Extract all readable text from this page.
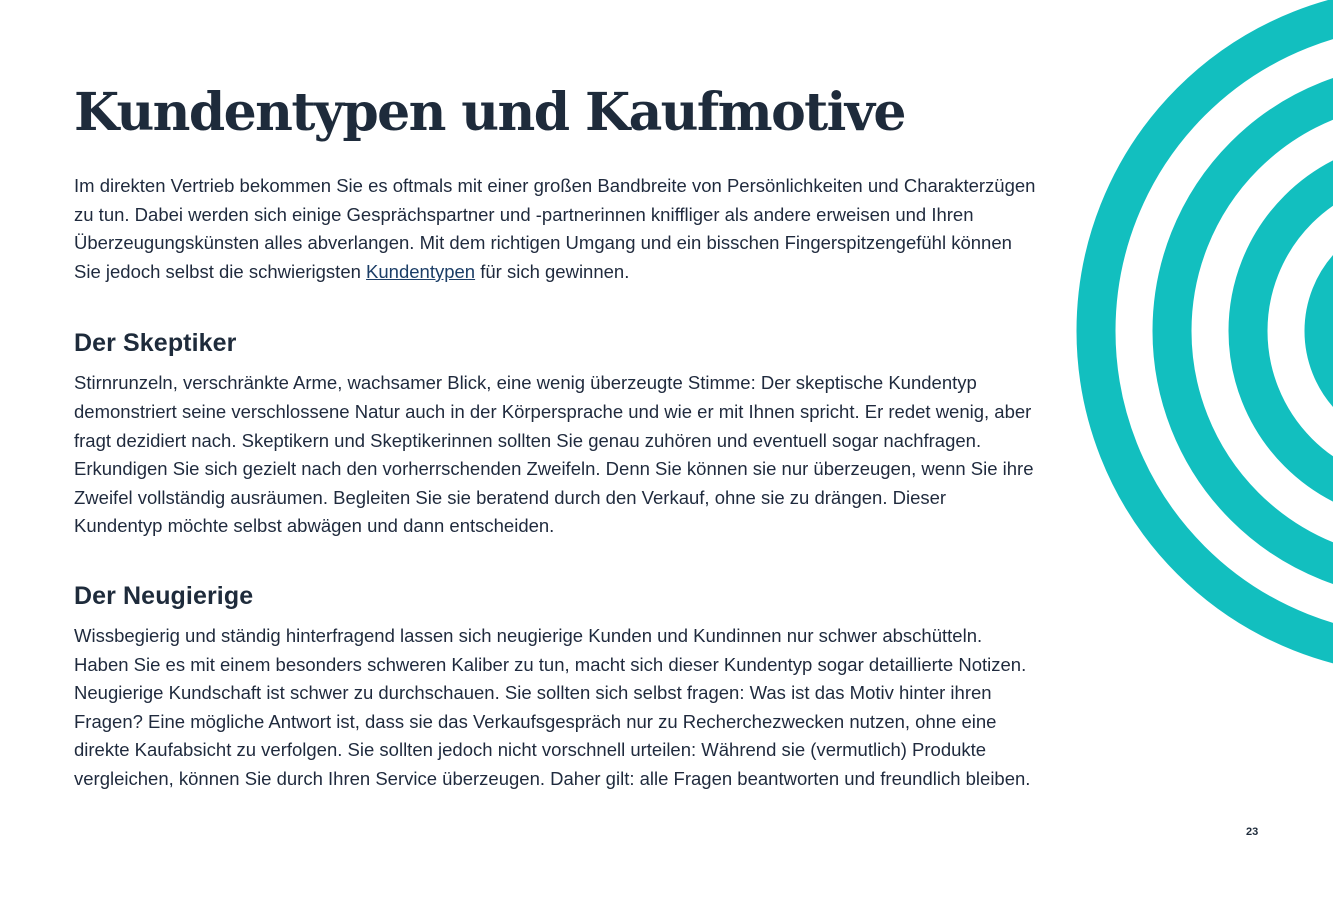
Kundentypen und Kaufmotive

Im direkten Vertrieb bekommen Sie es oftmals mit einer großen Bandbreite von Persönlichkeiten und Charakterzügen zu tun. Dabei werden sich einige Gesprächspartner und -partnerinnen kniffliger als andere erweisen und Ihren Überzeugungskünsten alles abverlangen. Mit dem richtigen Umgang und ein bisschen Fingerspitzengefühl können Sie jedoch selbst die schwierigsten Kundentypen für sich gewinnen.

Der Skeptiker

Stirnrunzeln, verschränkte Arme, wachsamer Blick, eine wenig überzeugte Stimme: Der skeptische Kundentyp demonstriert seine verschlossene Natur auch in der Körpersprache und wie er mit Ihnen spricht. Er redet wenig, aber fragt dezidiert nach. Skeptikern und Skeptikerinnen sollten Sie genau zuhören und eventuell sogar nachfragen. Erkundigen Sie sich gezielt nach den vorherrschenden Zweifeln. Denn Sie können sie nur überzeugen, wenn Sie ihre Zweifel vollständig ausräumen. Begleiten Sie sie beratend durch den Verkauf, ohne sie zu drängen. Dieser Kundentyp möchte selbst abwägen und dann entscheiden.

Der Neugierige

Wissbegierig und ständig hinterfragend lassen sich neugierige Kunden und Kundinnen nur schwer abschütteln. Haben Sie es mit einem besonders schweren Kaliber zu tun, macht sich dieser Kundentyp sogar detaillierte Notizen. Neugierige Kundschaft ist schwer zu durchschauen. Sie sollten sich selbst fragen: Was ist das Motiv hinter ihren Fragen? Eine mögliche Antwort ist, dass sie das Verkaufsgespräch nur zu Recherchezwecken nutzen, ohne eine direkte Kaufabsicht zu verfolgen. Sie sollten jedoch nicht vorschnell urteilen: Während sie (vermutlich) Produkte vergleichen, können Sie durch Ihren Service überzeugen. Daher gilt: alle Fragen beantworten und freundlich bleiben.

23
